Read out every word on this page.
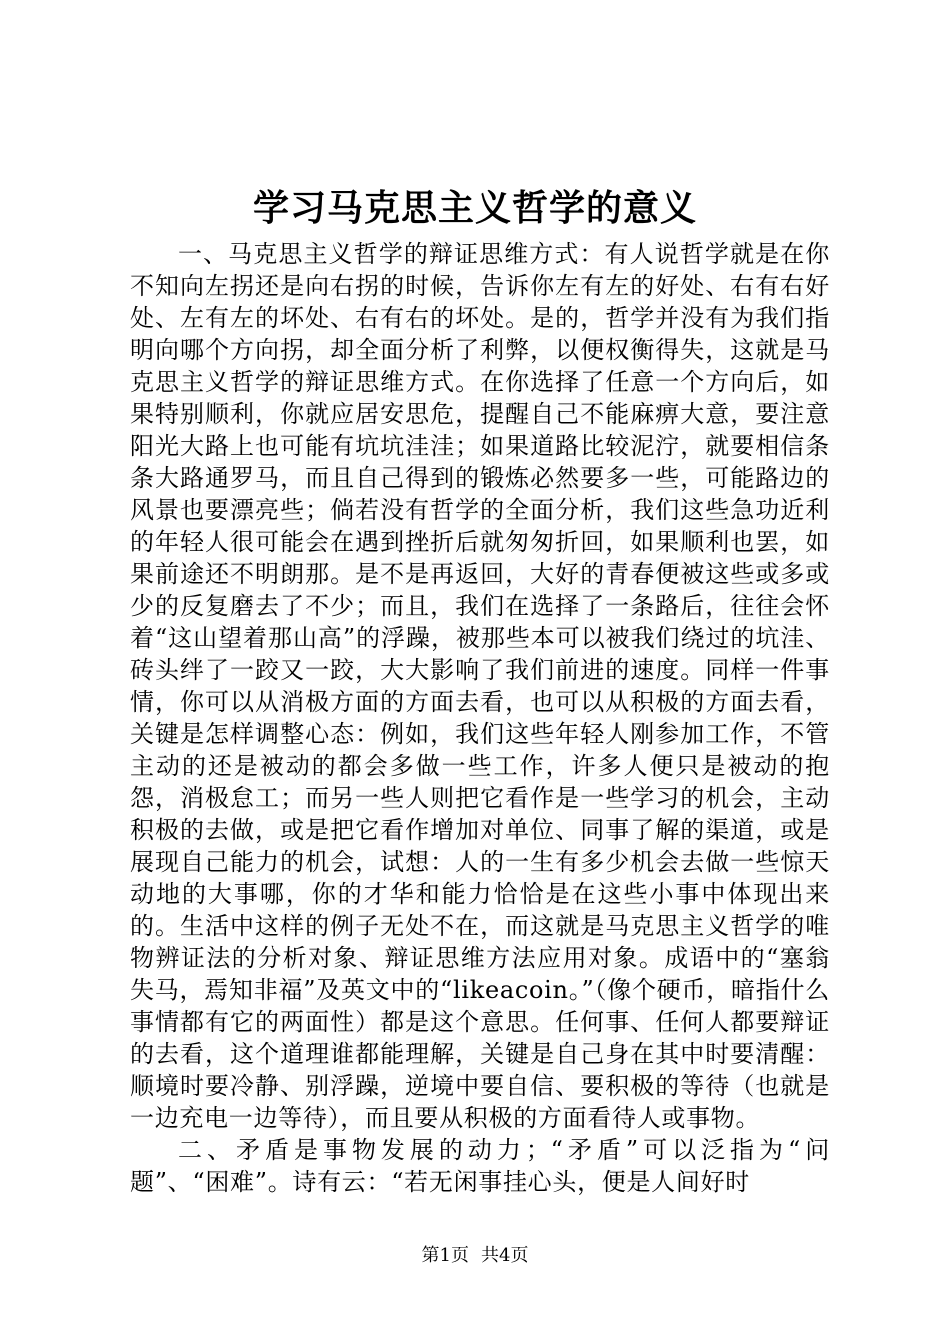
学习马克思主义哲学的意义

一、马克思主义哲学的辩证思维方式：有人说哲学就是在你不知向左拐还是向右拐的时候，告诉你左有左的好处、右有右好处、左有左的坏处、右有右的坏处。是的，哲学并没有为我们指明向哪个方向拐，却全面分析了利弊，以便权衡得失，这就是马克思主义哲学的辩证思维方式。在你选择了任意一个方向后，如果特别顺利，你就应居安思危，提醒自己不能麻痹大意，要注意阳光大路上也可能有坑坑洼洼；如果道路比较泥泞，就要相信条条大路通罗马，而且自己得到的锻炼必然要多一些，可能路边的风景也要漂亮些；倘若没有哲学的全面分析，我们这些急功近利的年轻人很可能会在遇到挫折后就匆匆折回，如果顺利也罢，如果前途还不明朗那。是不是再返回，大好的青春便被这些或多或少的反复磨去了不少；而且，我们在选择了一条路后，往往会怀着“这山望着那山高”的浮躁，被那些本可以被我们绕过的坑洼、砖头绊了一跤又一跤，大大影响了我们前进的速度。同样一件事情，你可以从消极方面的方面去看，也可以从积极的方面去看，关键是怎样调整心态：例如，我们这些年轻人刚参加工作，不管主动的还是被动的都会多做一些工作，许多人便只是被动的抱怨，消极怠工；而另一些人则把它看作是一些学习的机会，主动积极的去做，或是把它看作增加对单位、同事了解的渠道，或是展现自己能力的机会，试想：人的一生有多少机会去做一些惊天动地的大事哪，你的才华和能力恰恰是在这些小事中体现出来的。生活中这样的例子无处不在，而这就是马克思主义哲学的唯物辨证法的分析对象、辩证思维方法应用对象。成语中的“塞翁失马，焉知非福”及英文中的“likeacoin。”（像个硬币，暗指什么事情都有它的两面性）都是这个意思。任何事、任何人都要辩证的去看，这个道理谁都能理解，关键是自己身在其中时要清醒：顺境时要冷静、别浮躁，逆境中要自信、要积极的等待（也就是一边充电一边等待），而且要从积极的方面看待人或事物。

二、矛盾是事物发展的动力；“矛盾”可以泛指为“问题”、“困难”。诗有云：“若无闲事挂心头，便是人间好时

第1页 共4页
